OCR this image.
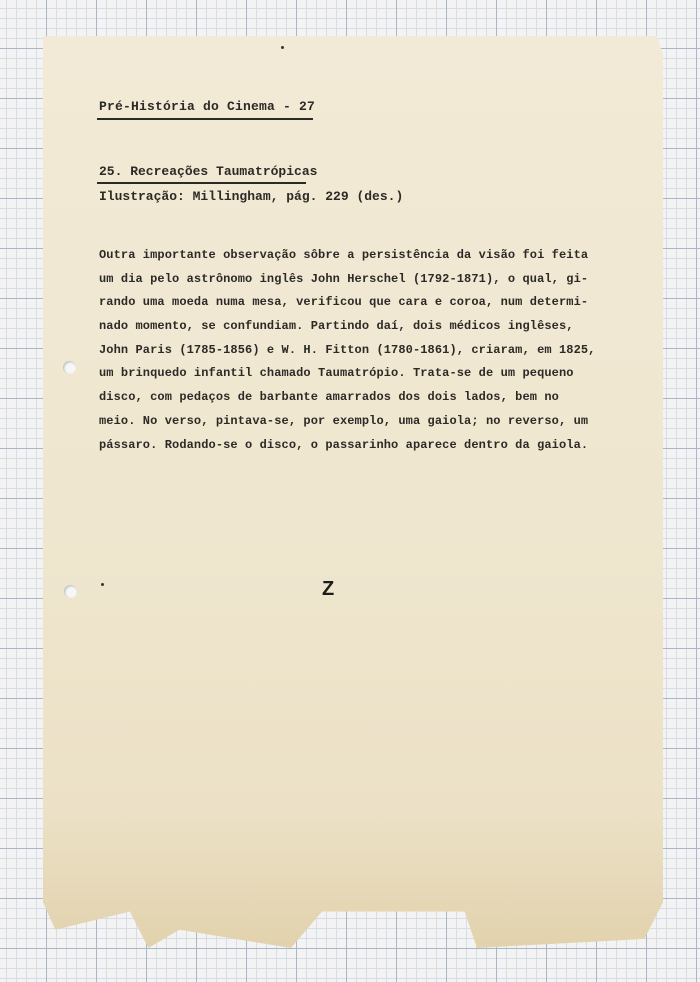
Pré-História do Cinema - 27
25. Recreações Taumatrópicas
Ilustração: Millingham, pág. 229 (des.)
Outra importante observação sôbre a persistência da visão foi feita
um dia pelo astrônomo inglês John Herschel (1792-1871), o qual, gi-
rando uma moeda numa mesa, verificou que cara e coroa, num determi-
nado momento, se confundiam. Partindo daí, dois médicos inglêses,
John Paris (1785-1856) e W. H. Fitton (1780-1861), criaram, em 1825,
um brinquedo infantil chamado Taumatrópio. Trata-se de um pequeno
disco, com pedaços de barbante amarrados dos dois lados, bem no
meio. No verso, pintava-se, por exemplo, uma gaiola; no reverso, um
pássaro. Rodando-se o disco, o passarinho aparece dentro da gaiola.
Z
